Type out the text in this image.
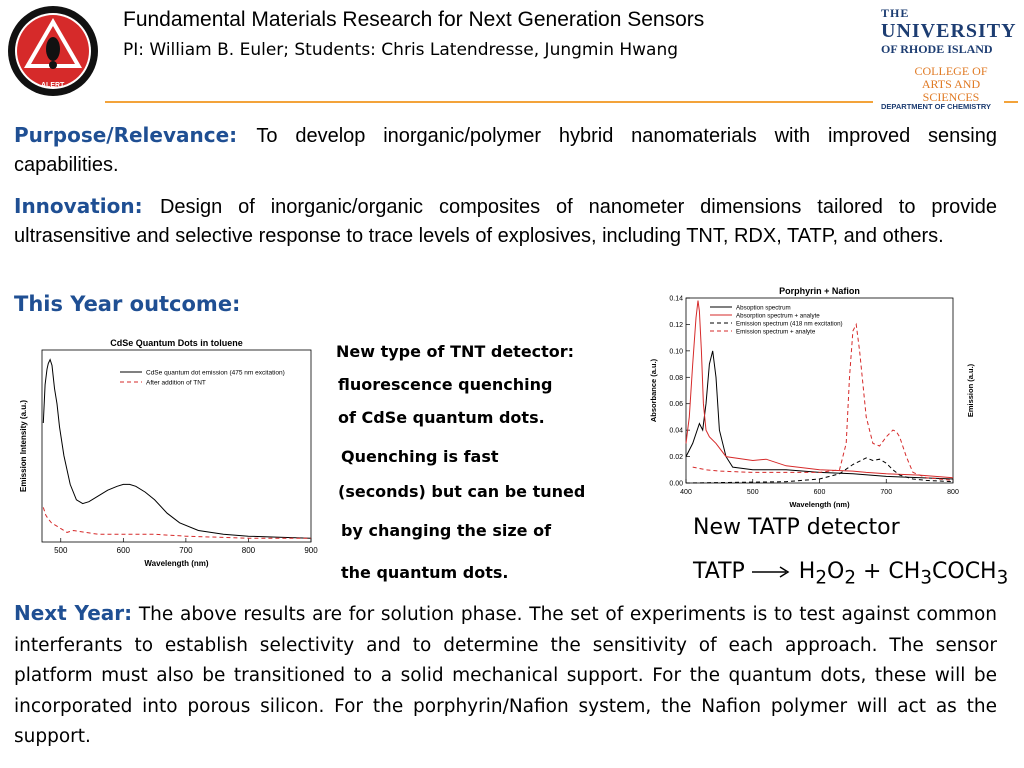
ALERT
Fundamental Materials Research for Next Generation Sensors
PI: William B. Euler; Students: Chris Latendresse, Jungmin Hwang
THE
UNIVERSITY
OF RHODE ISLAND
COLLEGE OF
ARTS AND SCIENCES
DEPARTMENT OF CHEMISTRY
Purpose/Relevance: To develop inorganic/polymer hybrid nanomaterials with improved sensing capabilities.
Innovation: Design of inorganic/organic composites of nanometer dimensions tailored to provide ultrasensitive and selective response to trace levels of explosives, including TNT, RDX, TATP, and others.
This Year outcome:
CdSe Quantum Dots in toluene
500	600	700	800	900
Wavelength (nm)
Emission Intensity (a.u.)
CdSe quantum dot emission (475 nm excitation)
After addition of TNT
New type of TNT detector:
fluorescence quenching
of CdSe quantum dots.
Quenching is fast
(seconds) but can be tuned
by changing the size of
the quantum dots.
Porphyrin + Nafion
400	500	600	700	800
0.00
0.02
0.04
0.06
0.08
0.10
0.12
0.14
Wavelength (nm)
Absorbance (a.u.)	Emission (a.u.)
Absoption spectrum
Absorption spectrum + analyte
Emission spectrum (418 nm excitation)
Emission spectrum + analyte
New TATP detector
TATP $H_2O_2$ + $CH_3COCH_3$
Next Year: The above results are for solution phase. The set of experiments is to test against common interferants to establish selectivity and to determine the sensitivity of each approach. The sensor platform must also be transitioned to a solid mechanical support. For the quantum dots, these will be incorporated into porous silicon. For the porphyrin/Nafion system, the Nafion polymer will act as the support.
